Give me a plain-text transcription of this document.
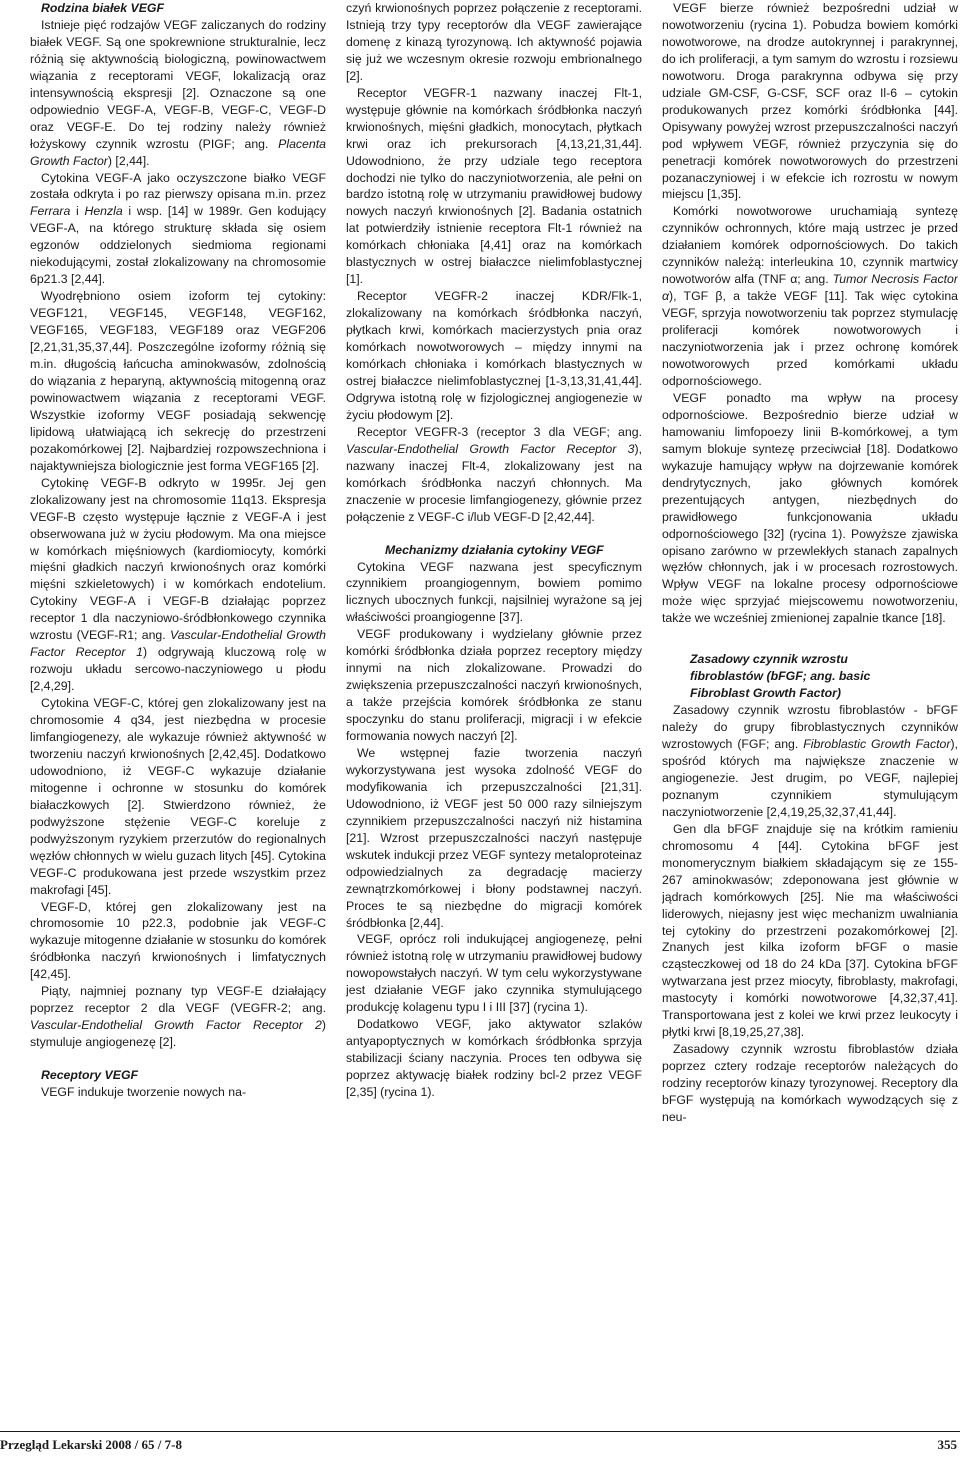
Rodzina białek VEGF

Istnieje pięć rodzajów VEGF zaliczanych do rodziny białek VEGF. Są one spokrewnione strukturalnie, lecz różnią się aktywnością biologiczną, powinowactwem wiązania z receptorami VEGF, lokalizacją oraz intensywnością ekspresji [2]. Oznaczone są one odpowiednio VEGF-A, VEGF-B, VEGF-C, VEGF-D oraz VEGF-E. Do tej rodziny należy również łożyskowy czynnik wzrostu (PIGF; ang. Placenta Growth Factor) [2,44].

Cytokina VEGF-A jako oczyszczone białko VEGF została odkryta i po raz pierwszy opisana m.in. przez Ferrara i Henzla i wsp. [14] w 1989r. Gen kodujący VEGF-A, na którego strukturę składa się osiem egzonów oddzielonych siedmioma regionami niekodującymi, został zlokalizowany na chromosomie 6p21.3 [2,44].

Wyodrębniono osiem izoform tej cytokiny: VEGF121, VEGF145, VEGF148, VEGF162, VEGF165, VEGF183, VEGF189 oraz VEGF206 [2,21,31,35,37,44]. Poszczególne izoformy różnią się m.in. długością łańcucha aminokwasów, zdolnością do wiązania z heparyną, aktywnością mitogenną oraz powinowactwem wiązania z receptorami VEGF. Wszystkie izoformy VEGF posiadają sekwencję lipidową ułatwiającą ich sekrecję do przestrzeni pozakomórkowej [2]. Najbardziej rozpowszechniona i najaktywniejsza biologicznie jest forma VEGF165 [2].

Cytokinę VEGF-B odkryto w 1995r. Jej gen zlokalizowany jest na chromosomie 11q13. Ekspresja VEGF-B często występuje łącznie z VEGF-A i jest obserwowana już w życiu płodowym. Ma ona miejsce w komórkach mięśniowych (kardiomiocyty, komórki mięśni gładkich naczyń krwionośnych oraz komórki mięśni szkieletowych) i w komórkach endotelium. Cytokiny VEGF-A i VEGF-B działając poprzez receptor 1 dla naczyniowo-śródbłonkowego czynnika wzrostu (VEGF-R1; ang. Vascular-Endothelial Growth Factor Receptor 1) odgrywają kluczową rolę w rozwoju układu sercowo-naczyniowego u płodu [2,4,29].

Cytokina VEGF-C, której gen zlokalizowany jest na chromosomie 4 q34, jest niezbędna w procesie limfangiogenezy, ale wykazuje również aktywność w tworzeniu naczyń krwionośnych [2,42,45]. Dodatkowo udowodniono, iż VEGF-C wykazuje działanie mitogenne i ochronne w stosunku do komórek białaczkowych [2]. Stwierdzono również, że podwyższone stężenie VEGF-C koreluje z podwyższonym ryzykiem przerzutów do regionalnych węzłów chłonnych w wielu guzach litych [45]. Cytokina VEGF-C produkowana jest przede wszystkim przez makrofagi [45].

VEGF-D, której gen zlokalizowany jest na chromosomie 10 p22.3, podobnie jak VEGF-C wykazuje mitogenne działanie w stosunku do komórek śródbłonka naczyń krwionośnych i limfatycznych [42,45].

Piąty, najmniej poznany typ VEGF-E działający poprzez receptor 2 dla VEGF (VEGFR-2; ang. Vascular-Endothelial Growth Factor Receptor 2) stymuluje angiogenezę [2].

Receptory VEGF

VEGF indukuje tworzenie nowych na-

czyń krwionośnych poprzez połączenie z receptorami. Istnieją trzy typy receptorów dla VEGF zawierające domenę z kinazą tyrozynową. Ich aktywność pojawia się już we wczesnym okresie rozwoju embrionalnego [2].

Receptor VEGFR-1 nazwany inaczej Flt-1, występuje głównie na komórkach śródbłonka naczyń krwionośnych, mięśni gładkich, monocytach, płytkach krwi oraz ich prekursorach [4,13,21,31,44]. Udowodniono, że przy udziale tego receptora dochodzi nie tylko do naczyniotworzenia, ale pełni on bardzo istotną rolę w utrzymaniu prawidłowej budowy nowych naczyń krwionośnych [2]. Badania ostatnich lat potwierdziły istnienie receptora Flt-1 również na komórkach chłoniaka [4,41] oraz na komórkach blastycznych w ostrej białaczce nielimfoblastycznej [1].

Receptor VEGFR-2 inaczej KDR/Flk-1, zlokalizowany na komórkach śródbłonka naczyń, płytkach krwi, komórkach macierzystych pnia oraz komórkach nowotworowych – między innymi na komórkach chłoniaka i komórkach blastycznych w ostrej białaczce nielimfoblastycznej [1-3,13,31,41,44]. Odgrywa istotną rolę w fizjologicznej angiogenezie w życiu płodowym [2].

Receptor VEGFR-3 (receptor 3 dla VEGF; ang. Vascular-Endothelial Growth Factor Receptor 3), nazwany inaczej Flt-4, zlokalizowany jest na komórkach śródbłonka naczyń chłonnych. Ma znaczenie w procesie limfangiogenezy, głównie przez połączenie z VEGF-C i/lub VEGF-D [2,42,44].

Mechanizmy działania cytokiny VEGF

Cytokina VEGF nazwana jest specyficznym czynnikiem proangiogennym, bowiem pomimo licznych ubocznych funkcji, najsilniej wyrażone są jej właściwości proangiogenne [37].

VEGF produkowany i wydzielany głównie przez komórki śródbłonka działa poprzez receptory między innymi na nich zlokalizowane. Prowadzi do zwiększenia przepuszczalności naczyń krwionośnych, a także przejścia komórek śródbłonka ze stanu spoczynku do stanu proliferacji, migracji i w efekcie formowania nowych naczyń [2].

We wstępnej fazie tworzenia naczyń wykorzystywana jest wysoka zdolność VEGF do modyfikowania ich przepuszczalności [21,31]. Udowodniono, iż VEGF jest 50 000 razy silniejszym czynnikiem przepuszczalności naczyń niż histamina [21]. Wzrost przepuszczalności naczyń następuje wskutek indukcji przez VEGF syntezy metaloproteinaz odpowiedzialnych za degradację macierzy zewnątrzkomórkowej i błony podstawnej naczyń. Proces te są niezbędne do migracji komórek śródbłonka [2,44].

VEGF, oprócz roli indukującej angiogenezę, pełni również istotną rolę w utrzymaniu prawidłowej budowy nowopowstałych naczyń. W tym celu wykorzystywane jest działanie VEGF jako czynnika stymulującego produkcję kolagenu typu I i III [37] (rycina 1).

Dodatkowo VEGF, jako aktywator szlaków antyapoptycznych w komórkach śródbłonka sprzyja stabilizacji ściany naczynia. Proces ten odbywa się poprzez aktywację białek rodziny bcl-2 przez VEGF [2,35] (rycina 1).

VEGF bierze również bezpośredni udział w nowotworzeniu (rycina 1). Pobudza bowiem komórki nowotworowe, na drodze autokrynnej i parakrynnej, do ich proliferacji, a tym samym do wzrostu i rozsiewu nowotworu. Droga parakrynna odbywa się przy udziale GM-CSF, G-CSF, SCF oraz Il-6 – cytokin produkowanych przez komórki śródbłonka [44]. Opisywany powyżej wzrost przepuszczalności naczyń pod wpływem VEGF, również przyczynia się do penetracji komórek nowotworowych do przestrzeni pozanaczyniowej i w efekcie ich rozrostu w nowym miejscu [1,35].

Komórki nowotworowe uruchamiają syntezę czynników ochronnych, które mają ustrzec je przed działaniem komórek odpornościowych. Do takich czynników należą: interleukina 10, czynnik martwicy nowotworów alfa (TNF α; ang. Tumor Necrosis Factor α), TGF β, a także VEGF [11]. Tak więc cytokina VEGF, sprzyja nowotworzeniu tak poprzez stymulację proliferacji komórek nowotworowych i naczyniotworzenia jak i przez ochronę komórek nowotworowych przed komórkami układu odpornościowego.

VEGF ponadto ma wpływ na procesy odpornościowe. Bezpośrednio bierze udział w hamowaniu limfopoezy linii B-komórkowej, a tym samym blokuje syntezę przeciwciał [18]. Dodatkowo wykazuje hamujący wpływ na dojrzewanie komórek dendrytycznych, jako głównych komórek prezentujących antygen, niezbędnych do prawidłowego funkcjonowania układu odpornościowego [32] (rycina 1). Powyższe zjawiska opisano zarówno w przewlekłych stanach zapalnych węzłów chłonnych, jak i w procesach rozrostowych. Wpływ VEGF na lokalne procesy odpornościowe może więc sprzyjać miejscowemu nowotworzeniu, także we wcześniej zmienionej zapalnie tkance [18].

Zasadowy czynnik wzrostu
fibroblastów (bFGF; ang. basic
Fibroblast Growth Factor)

Zasadowy czynnik wzrostu fibroblastów - bFGF należy do grupy fibroblastycznych czynników wzrostowych (FGF; ang. Fibroblastic Growth Factor), spośród których ma największe znaczenie w angiogenezie. Jest drugim, po VEGF, najlepiej poznanym czynnikiem stymulującym naczyniotworzenie [2,4,19,25,32,37,41,44].

Gen dla bFGF znajduje się na krótkim ramieniu chromosomu 4 [44]. Cytokina bFGF jest monomerycznym białkiem składającym się ze 155-267 aminokwasów; zdeponowana jest głównie w jądrach komórkowych [25]. Nie ma właściwości liderowych, niejasny jest więc mechanizm uwalniania tej cytokiny do przestrzeni pozakomórkowej [2]. Znanych jest kilka izoform bFGF o masie cząsteczkowej od 18 do 24 kDa [37]. Cytokina bFGF wytwarzana jest przez miocyty, fibroblasty, makrofagi, mastocyty i komórki nowotworowe [4,32,37,41]. Transportowana jest z kolei we krwi przez leukocyty i płytki krwi [8,19,25,27,38].

Zasadowy czynnik wzrostu fibroblastów działa poprzez cztery rodzaje receptorów należących do rodziny receptorów kinazy tyrozynowej. Receptory dla bFGF występują na komórkach wywodzących się z neu-

Przegląd Lekarski 2008 / 65 / 7-8	355
